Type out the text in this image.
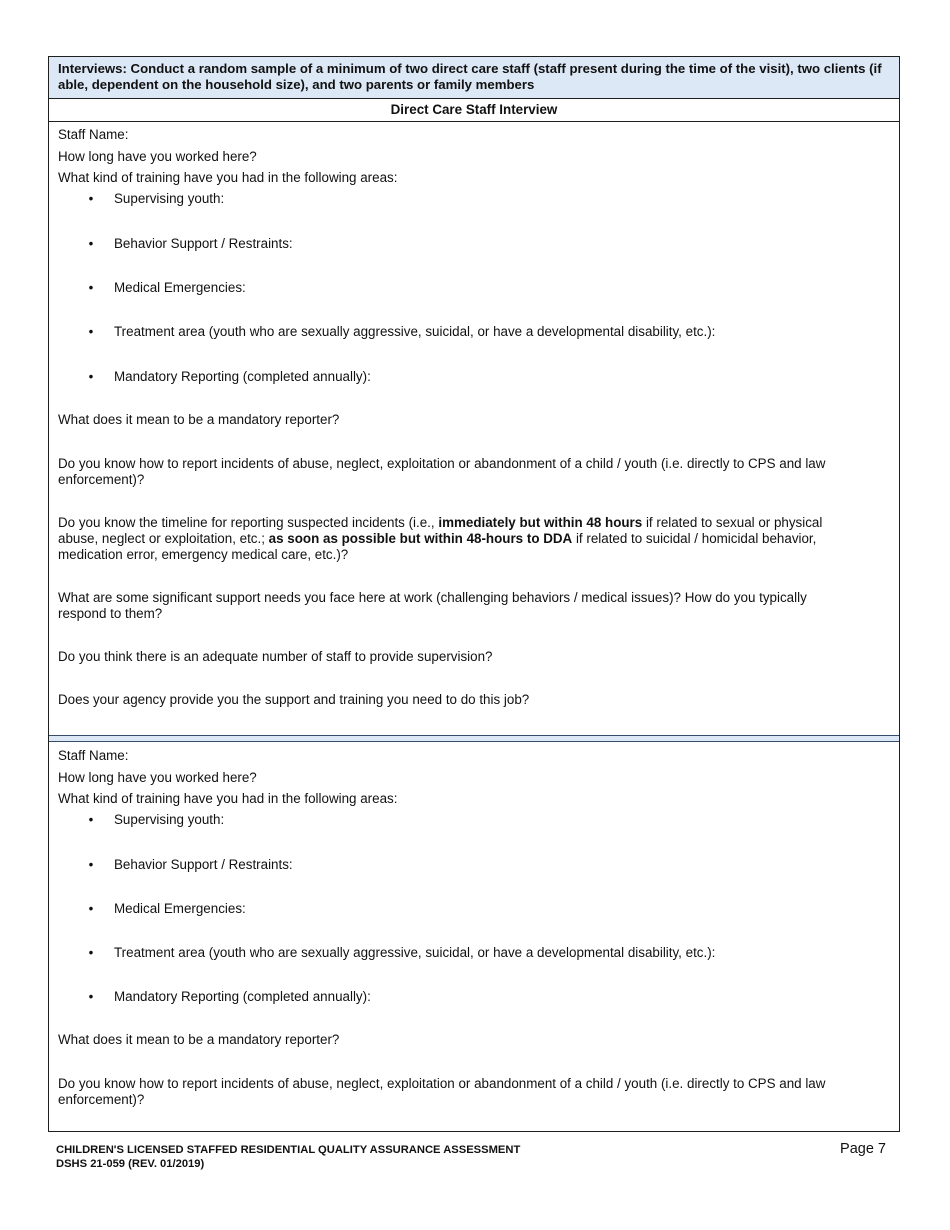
Interviews: Conduct a random sample of a minimum of two direct care staff (staff present during the time of the visit), two clients (if able, dependent on the household size), and two parents or family members
Direct Care Staff Interview
Staff Name:
How long have you worked here?
What kind of training have you had in the following areas:
• Supervising youth:
• Behavior Support / Restraints:
• Medical Emergencies:
• Treatment area (youth who are sexually aggressive, suicidal, or have a developmental disability, etc.):
• Mandatory Reporting (completed annually):
What does it mean to be a mandatory reporter?
Do you know how to report incidents of abuse, neglect, exploitation or abandonment of a child / youth (i.e. directly to CPS and law
enforcement)?
Do you know the timeline for reporting suspected incidents (i.e., immediately but within 48 hours if related to sexual or physical
abuse, neglect or exploitation, etc.; as soon as possible but within 48-hours to DDA if related to suicidal / homicidal behavior,
medication error, emergency medical care, etc.)?
What are some significant support needs you face here at work (challenging behaviors / medical issues)? How do you typically
respond to them?
Do you think there is an adequate number of staff to provide supervision?
Does your agency provide you the support and training you need to do this job?
Staff Name:
How long have you worked here?
What kind of training have you had in the following areas:
• Supervising youth:
• Behavior Support / Restraints:
• Medical Emergencies:
• Treatment area (youth who are sexually aggressive, suicidal, or have a developmental disability, etc.):
• Mandatory Reporting (completed annually):
What does it mean to be a mandatory reporter?
Do you know how to report incidents of abuse, neglect, exploitation or abandonment of a child / youth (i.e. directly to CPS and law
enforcement)?
CHILDREN'S LICENSED STAFFED RESIDENTIAL QUALITY ASSURANCE ASSESSMENT
DSHS 21-059 (REV. 01/2019)
Page 7
